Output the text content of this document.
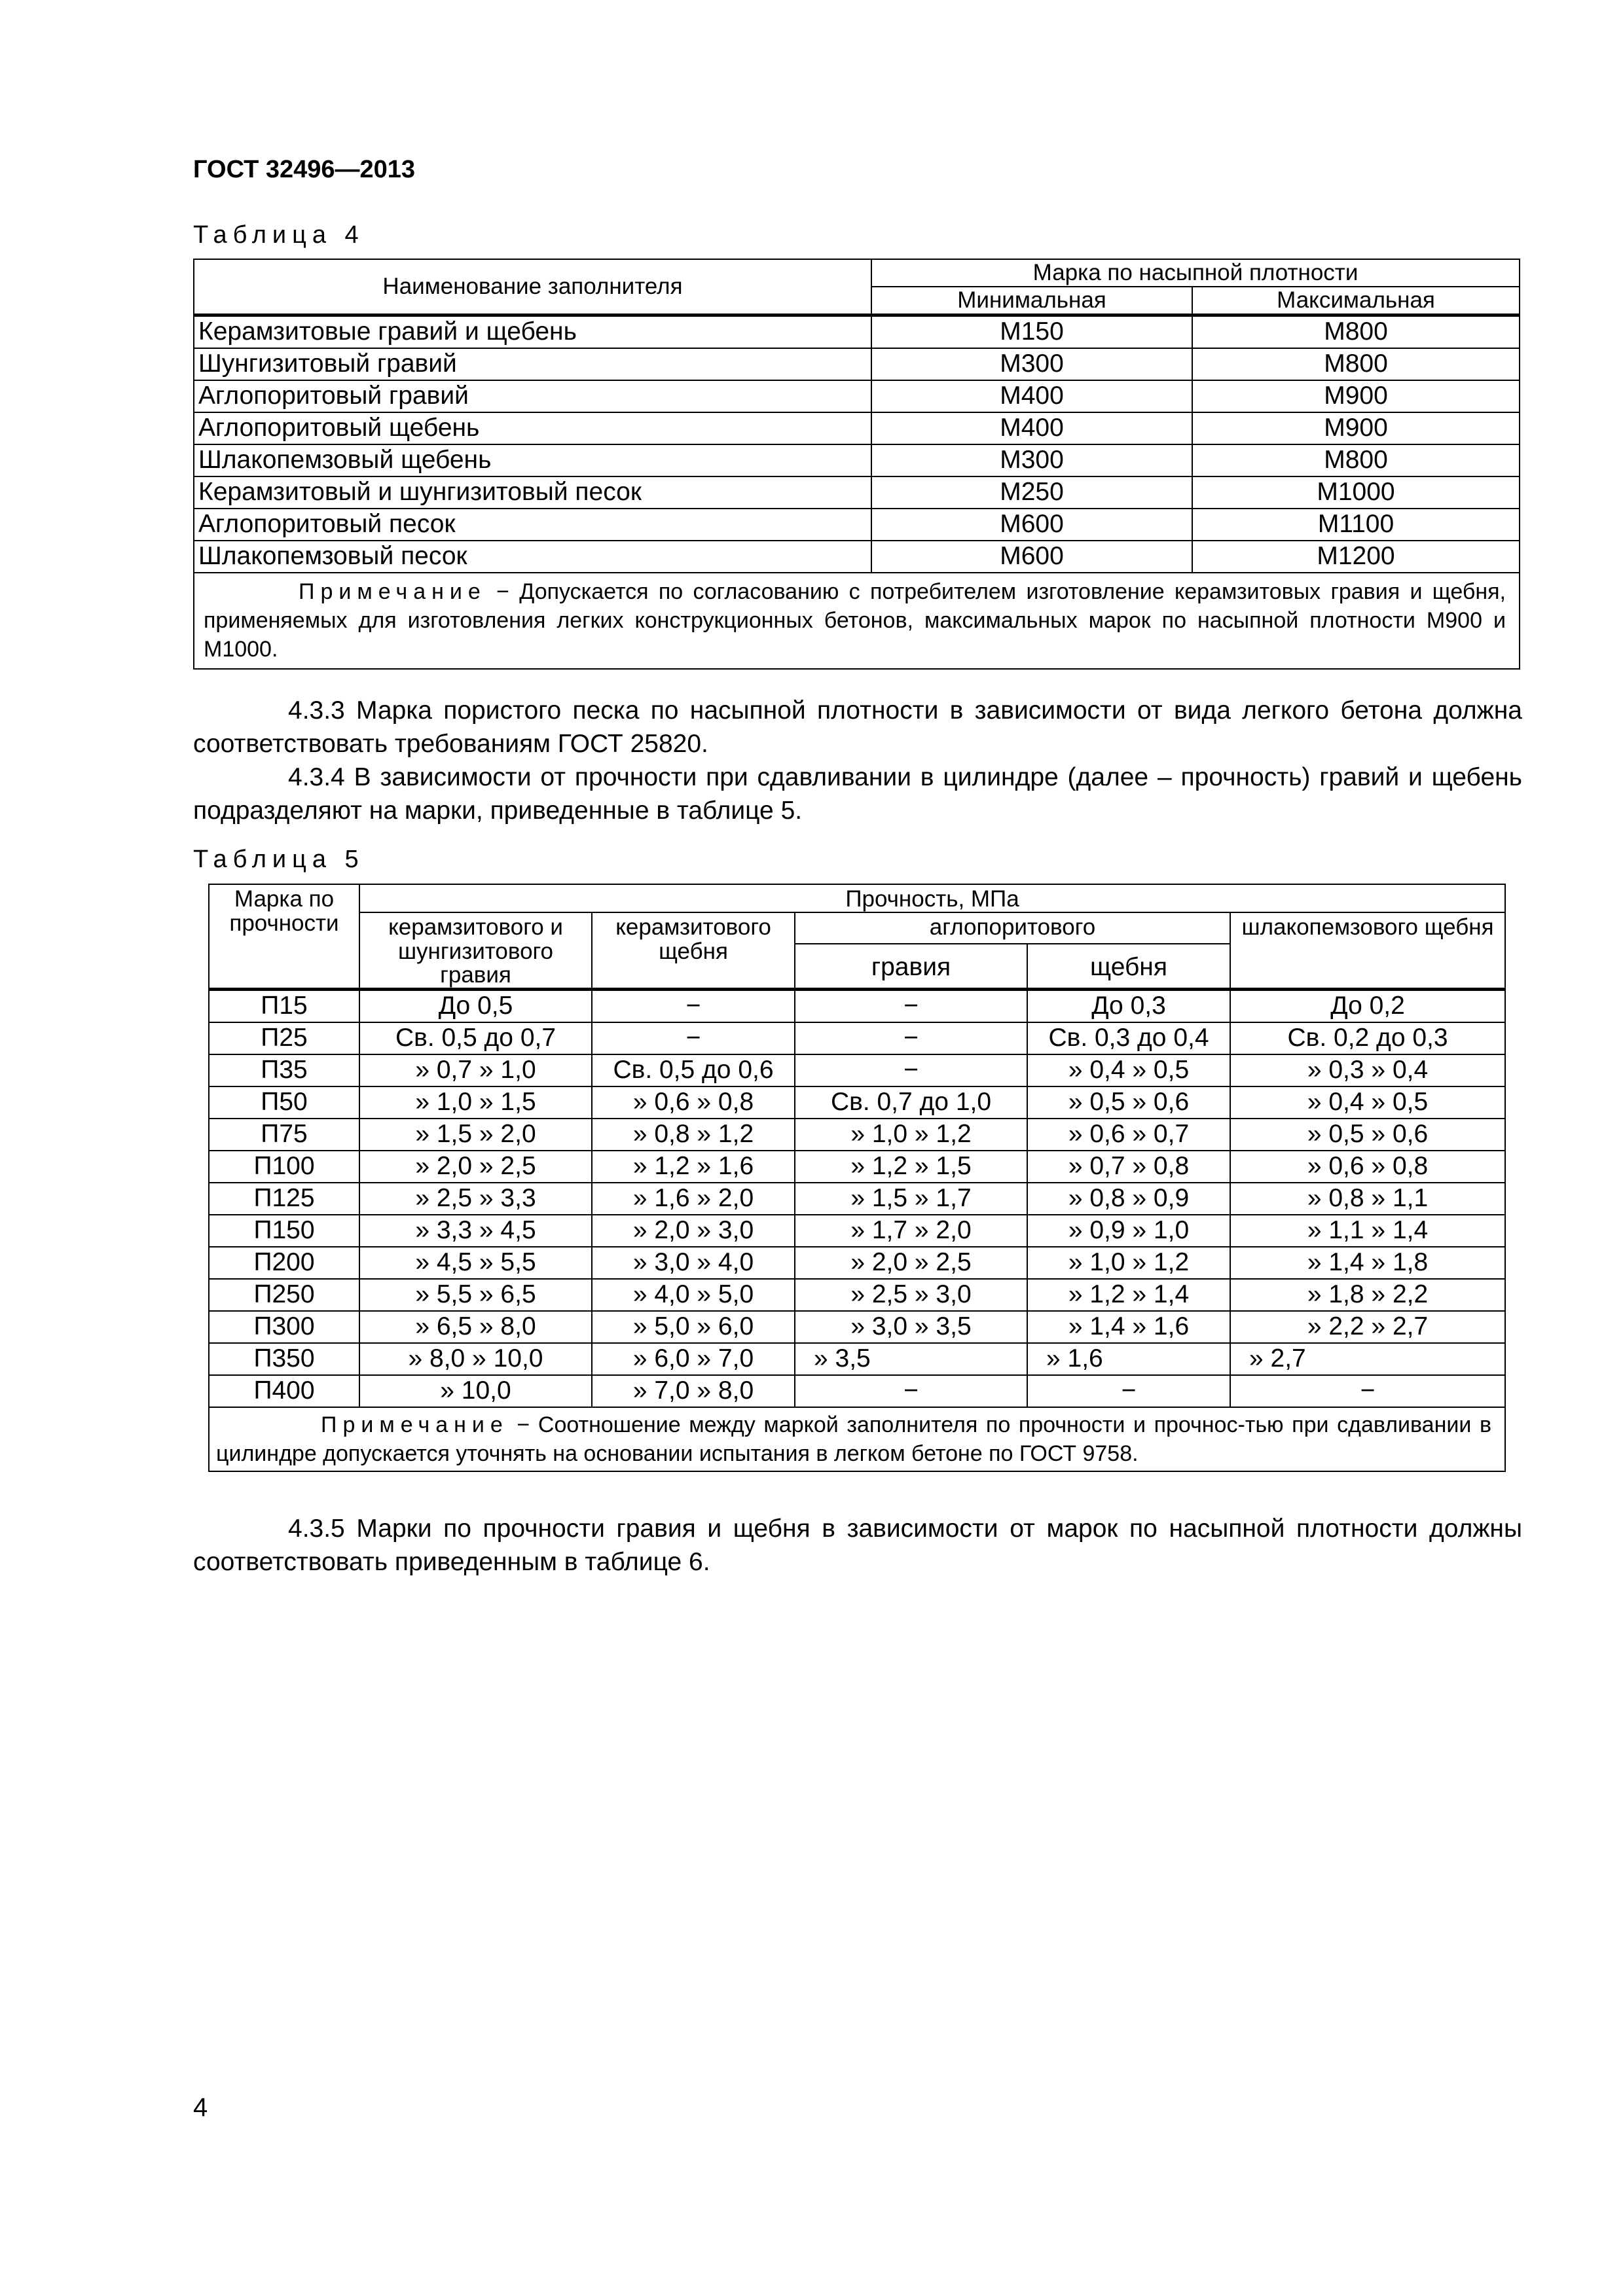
ГОСТ 32496—2013
Таблица 4
Наименование заполнителя	Марка по насыпной плотности	
	Минимальная	Максимальная
Керамзитовые гравий и щебень	М150	М800
Шунгизитовый гравий	М300	М800
Аглопоритовый гравий	М400	М900
Аглопоритовый щебень	М400	М900
Шлакопемзовый щебень	М300	М800
Керамзитовый и шунгизитовый песок	М250	М1000
Аглопоритовый песок	М600	М1100
Шлакопемзовый песок	М600	М1200
Примечание − Допускается по согласованию с потребителем изготовление керамзитовых гравия и щебня, применяемых для изготовления легких конструкционных бетонов, максимальных марок по насыпной плотности М900 и М1000.		

4.3.3 Марка пористого песка по насыпной плотности в зависимости от вида легкого бетона должна соответствовать требованиям ГОСТ 25820.

4.3.4 В зависимости от прочности при сдавливании в цилиндре (далее – прочность) гравий и щебень подразделяют на марки, приведенные в таблице 5.

Таблица 5
Марка по прочности	Прочность, МПа				
	керамзитового и шунгизитового гравия	керамзитового щебня	аглопоритового		шлакопемзового щебня
			гравия	щебня	
П15	До 0,5	−	−	До 0,3	До 0,2
П25	Св. 0,5 до 0,7	−	−	Св. 0,3 до 0,4	Св. 0,2 до 0,3
П35	» 0,7 » 1,0	Св. 0,5 до 0,6	−	» 0,4 » 0,5	» 0,3 » 0,4
П50	» 1,0 » 1,5	» 0,6 » 0,8	Св. 0,7 до 1,0	» 0,5 » 0,6	» 0,4 » 0,5
П75	» 1,5 » 2,0	» 0,8 » 1,2	» 1,0 » 1,2	» 0,6 » 0,7	» 0,5 » 0,6
П100	» 2,0 » 2,5	» 1,2 » 1,6	» 1,2 » 1,5	» 0,7 » 0,8	» 0,6 » 0,8
П125	» 2,5 » 3,3	» 1,6 » 2,0	» 1,5 » 1,7	» 0,8 » 0,9	» 0,8 » 1,1
П150	» 3,3 » 4,5	» 2,0 » 3,0	» 1,7 » 2,0	» 0,9 » 1,0	» 1,1 » 1,4
П200	» 4,5 » 5,5	» 3,0 » 4,0	» 2,0 » 2,5	» 1,0 » 1,2	» 1,4 » 1,8
П250	» 5,5 » 6,5	» 4,0 » 5,0	» 2,5 » 3,0	» 1,2 » 1,4	» 1,8 » 2,2
П300	» 6,5 » 8,0	» 5,0 » 6,0	» 3,0 » 3,5	» 1,4 » 1,6	» 2,2 » 2,7
П350	» 8,0 » 10,0	» 6,0 » 7,0	» 3,5	» 1,6	» 2,7
П400	» 10,0	» 7,0 » 8,0	−	−	−
Примечание − Соотношение между маркой заполнителя по прочности и прочнос-тью при сдавливании в цилиндре допускается уточнять на основании испытания в легком бетоне по ГОСТ 9758.					

4.3.5 Марки по прочности гравия и щебня в зависимости от марок по насыпной плотности должны соответствовать приведенным в таблице 6.

4
